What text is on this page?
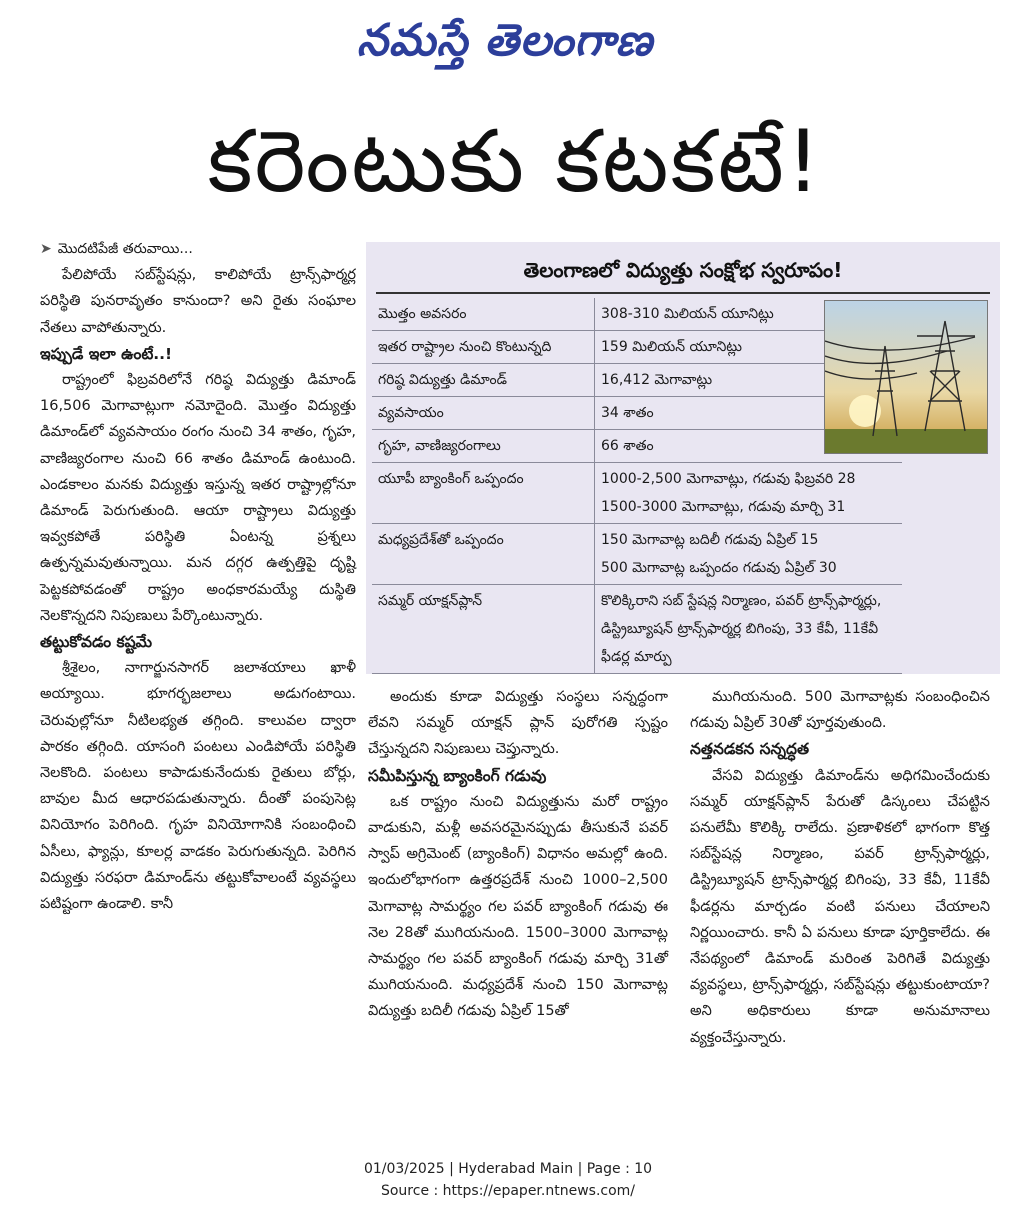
నమస్తే తెలంగాణ
కరెంటుకు కటకటే!

➤ మొదటిపేజీ తరువాయి...

పేలిపోయే సబ్‌స్టేషన్లు, కాలిపోయే ట్రాన్స్‌ఫార్మర్ల పరిస్థితి పునరావృతం కానుందా? అని రైతు సంఘాల నేతలు వాపోతున్నారు.

ఇప్పుడే ఇలా ఉంటే..!

రాష్ట్రంలో ఫిబ్రవరిలోనే గరిష్ఠ విద్యుత్తు డిమాండ్ 16,506 మెగావాట్లుగా నమోదైంది. మొత్తం విద్యుత్తు డిమాండ్‌లో వ్యవసాయం రంగం నుంచి 34 శాతం, గృహ, వాణిజ్యరంగాల నుంచి 66 శాతం డిమాండ్ ఉంటుంది. ఎండకాలం మనకు విద్యుత్తు ఇస్తున్న ఇతర రాష్ట్రాల్లోనూ డిమాండ్ పెరుగుతుంది. ఆయా రాష్ట్రాలు విద్యుత్తు ఇవ్వకపోతే పరిస్థితి ఏంటన్న ప్రశ్నలు ఉత్పన్నమవుతున్నాయి. మన దగ్గర ఉత్పత్తిపై దృష్టి పెట్టకపోవడంతో రాష్ట్రం అంధకారమయ్యే దుస్థితి నెలకొన్నదని నిపుణులు పేర్కొంటున్నారు.

తట్టుకోవడం కష్టమే

శ్రీశైలం, నాగార్జునసాగర్ జలాశయాలు ఖాళీ అయ్యాయి. భూగర్భజలాలు అడుగంటాయి. చెరువుల్లోనూ నీటిలభ్యత తగ్గింది. కాలువల ద్వారా పారకం తగ్గింది. యాసంగి పంటలు ఎండిపోయే పరిస్థితి నెలకొంది. పంటలు కాపాడుకునేందుకు రైతులు బోర్లు, బావుల మీద ఆధారపడుతున్నారు. దీంతో పంపుసెట్ల వినియోగం పెరిగింది. గృహ వినియోగానికి సంబంధించి ఏసీలు, ఫ్యాన్లు, కూలర్ల వాడకం పెరుగుతున్నది. పెరిగిన విద్యుత్తు సరఫరా డిమాండ్‌ను తట్టుకోవాలంటే వ్యవస్థలు పటిష్టంగా ఉండాలి. కానీ

తెలంగాణలో విద్యుత్తు సంక్షోభ స్వరూపం!
మొత్తం అవసరం	308-310 మిలియన్ యూనిట్లు

ఇతర రాష్ట్రాల నుంచి కొంటున్నది	159 మిలియన్ యూనిట్లు

గరిష్ఠ విద్యుత్తు డిమాండ్	16,412 మెగావాట్లు

వ్యవసాయం	34 శాతం

గృహ, వాణిజ్యరంగాలు	66 శాతం

యూపీ బ్యాంకింగ్ ఒప్పందం	1000-2,500 మెగావాట్లు, గడువు ఫిబ్రవరి 28
1500-3000 మెగావాట్లు, గడువు మార్చి 31

మధ్యప్రదేశ్‌తో ఒప్పందం	150 మెగావాట్ల బదిలీ గడువు ఏప్రిల్ 15
500 మెగావాట్ల ఒప్పందం గడువు ఏప్రిల్ 30

సమ్మర్ యాక్షన్‌ప్లాన్	కొలిక్కిరాని సబ్ స్టేషన్ల నిర్మాణం, పవర్ ట్రాన్స్‌ఫార్మర్లు, డిస్ట్రిబ్యూషన్ ట్రాన్స్‌ఫార్మర్ల బిగింపు, 33 కేవీ, 11కేవీ ఫీడర్ల మార్పు

అందుకు కూడా విద్యుత్తు సంస్థలు సన్నద్ధంగా లేవని సమ్మర్ యాక్షన్ ప్లాన్ పురోగతి స్పష్టం చేస్తున్నదని నిపుణులు చెప్తున్నారు.

సమీపిస్తున్న బ్యాంకింగ్ గడువు

ఒక రాష్ట్రం నుంచి విద్యుత్తును మరో రాష్ట్రం వాడుకుని, మళ్లీ అవసరమైనప్పుడు తీసుకునే పవర్ స్వాప్ అగ్రిమెంట్ (బ్యాంకింగ్) విధానం అమల్లో ఉంది. ఇందులోభాగంగా ఉత్తరప్రదేశ్ నుంచి 1000–2,500 మెగావాట్ల సామర్థ్యం గల పవర్ బ్యాంకింగ్ గడువు ఈ నెల 28తో ముగియనుంది. 1500–3000 మెగావాట్ల సామర్థ్యం గల పవర్ బ్యాంకింగ్ గడువు మార్చి 31తో ముగియనుంది. మధ్యప్రదేశ్ నుంచి 150 మెగావాట్ల విద్యుత్తు బదిలీ గడువు ఏప్రిల్ 15తో

ముగియనుంది. 500 మెగావాట్లకు సంబంధించిన గడువు ఏప్రిల్ 30తో పూర్తవుతుంది.

నత్తనడకన సన్నద్ధత

వేసవి విద్యుత్తు డిమాండ్‌ను అధిగమించేందుకు సమ్మర్ యాక్షన్‌ప్లాన్ పేరుతో డిస్కంలు చేపట్టిన పనులేమీ కొలిక్కి రాలేదు. ప్రణాళికలో భాగంగా కొత్త సబ్‌స్టేషన్ల నిర్మాణం, పవర్ ట్రాన్స్‌ఫార్మర్లు, డిస్ట్రిబ్యూషన్ ట్రాన్స్‌ఫార్మర్ల బిగింపు, 33 కేవీ, 11కేవీ ఫీడర్లను మార్చడం వంటి పనులు చేయాలని నిర్ణయించారు. కానీ ఏ పనులు కూడా పూర్తికాలేదు. ఈ నేపథ్యంలో డిమాండ్ మరింత పెరిగితే విద్యుత్తు వ్యవస్థలు, ట్రాన్స్‌ఫార్మర్లు, సబ్‌స్టేషన్లు తట్టుకుంటాయా? అని అధికారులు కూడా అనుమానాలు వ్యక్తంచేస్తున్నారు.

01/03/2025 | Hyderabad Main | Page : 10
Source : https://epaper.ntnews.com/
